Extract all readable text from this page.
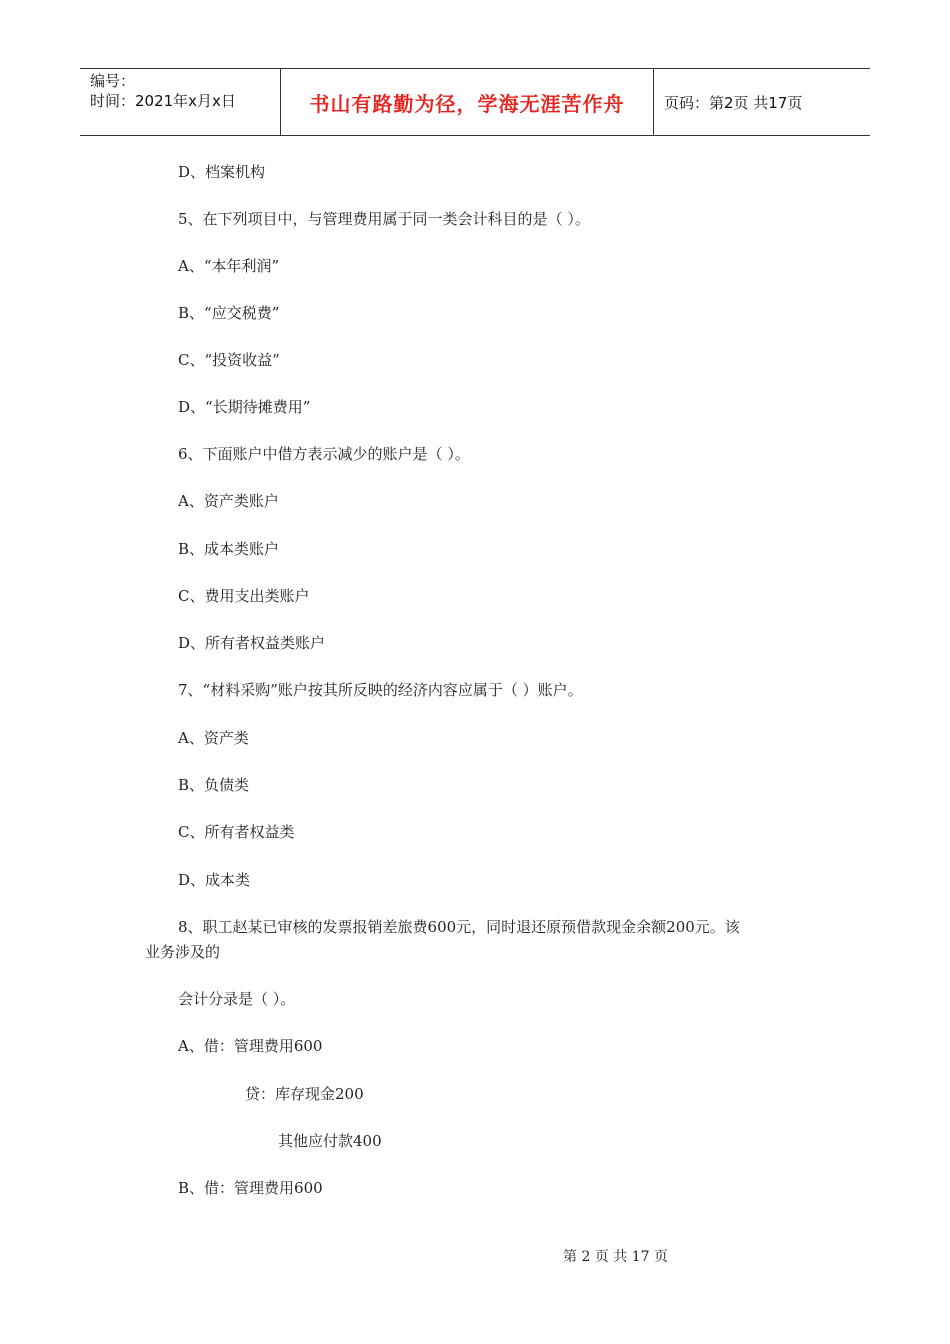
编号：
时间：2021年x月x日	书山有路勤为径，学海无涯苦作舟	页码：第2页 共17页
D、档案机构
5、在下列项目中，与管理费用属于同一类会计科目的是（ ）。
A、“本年利润”
B、“应交税费”
C、“投资收益”
D、“长期待摊费用”
6、下面账户中借方表示减少的账户是（ ）。
A、资产类账户
B、成本类账户
C、费用支出类账户
D、所有者权益类账户
7、“材料采购”账户按其所反映的经济内容应属于（ ）账户。
A、资产类
B、负债类
C、所有者权益类
D、成本类
8、职工赵某已审核的发票报销差旅费600元，同时退还原预借款现金余额200元。该
业务涉及的
会计分录是（ ）。
A、借：管理费用600
贷：库存现金200
其他应付款400
B、借：管理费用600
第 2 页 共 17 页
